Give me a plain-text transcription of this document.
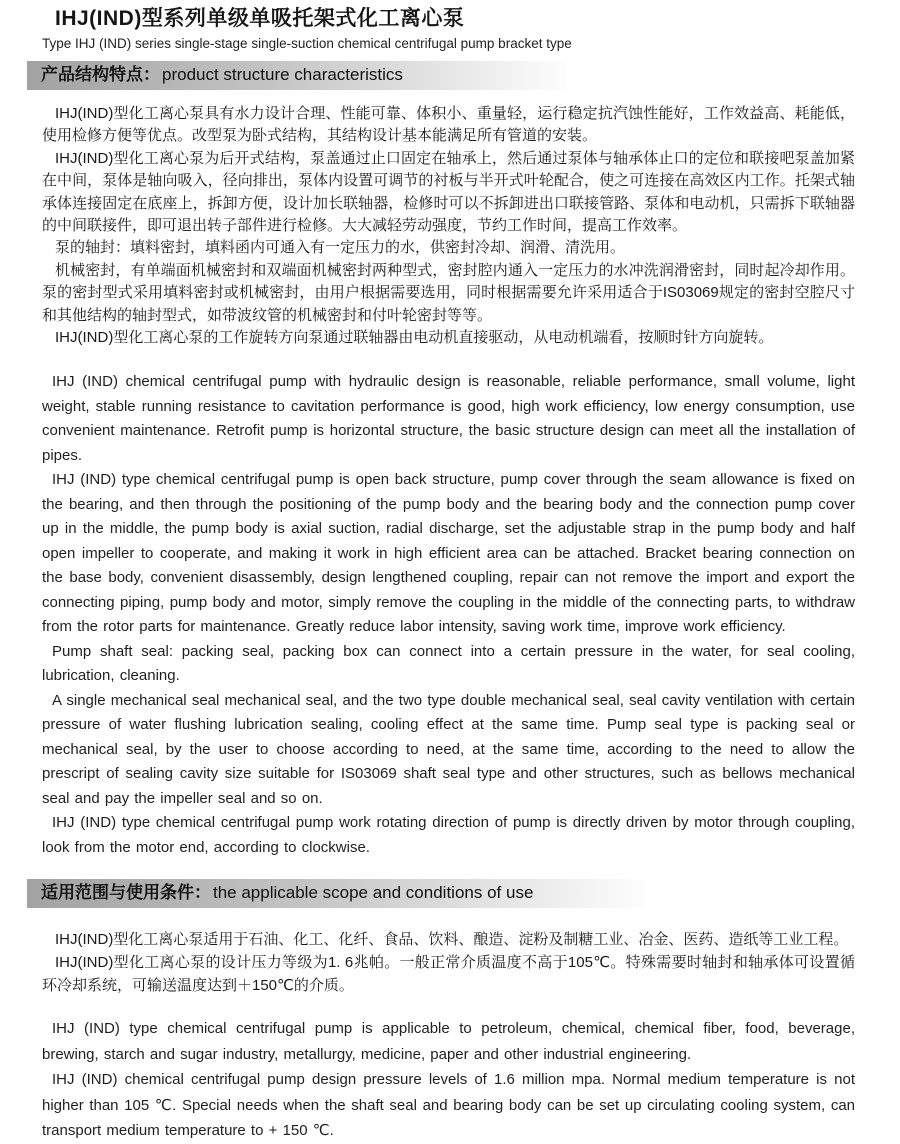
IHJ(IND)型系列单级单吸托架式化工离心泵

Type IHJ (IND) series single-stage single-suction chemical centrifugal pump bracket type

产品结构特点： product structure characteristics

IHJ(IND)型化工离心泵具有水力设计合理、性能可靠、体积小、重量轻，运行稳定抗汽蚀性能好，工作效益高、耗能低，使用检修方便等优点。改型泵为卧式结构，其结构设计基本能满足所有管道的安装。

IHJ(IND)型化工离心泵为后开式结构，泵盖通过止口固定在轴承上，然后通过泵体与轴承体止口的定位和联接吧泵盖加紧在中间，泵体是轴向吸入，径向排出，泵体内设置可调节的衬板与半开式叶轮配合，使之可连接在高效区内工作。托架式轴承体连接固定在底座上，拆卸方便，设计加长联轴器，检修时可以不拆卸进出口联接管路、泵体和电动机，只需拆下联轴器的中间联接件，即可退出转子部件进行检修。大大减轻劳动强度，节约工作时间，提高工作效率。

泵的轴封：填料密封，填料函内可通入有一定压力的水，供密封冷却、润滑、清洗用。

机械密封，有单端面机械密封和双端面机械密封两种型式，密封腔内通入一定压力的水冲洗润滑密封，同时起冷却作用。泵的密封型式采用填料密封或机械密封，由用户根据需要选用，同时根据需要允许采用适合于IS03069规定的密封空腔尺寸和其他结构的轴封型式，如带波纹管的机械密封和付叶轮密封等等。

IHJ(IND)型化工离心泵的工作旋转方向泵通过联轴器由电动机直接驱动，从电动机端看，按顺时针方向旋转。

IHJ (IND) chemical centrifugal pump with hydraulic design is reasonable, reliable performance, small volume, light weight, stable running resistance to cavitation performance is good, high work efficiency, low energy consumption, use convenient maintenance. Retrofit pump is horizontal structure, the basic structure design can meet all the installation of pipes.

IHJ (IND) type chemical centrifugal pump is open back structure, pump cover through the seam allowance is fixed on the bearing, and then through the positioning of the pump body and the bearing body and the connection pump cover up in the middle, the pump body is axial suction, radial discharge, set the adjustable strap in the pump body and half open impeller to cooperate, and making it work in high efficient area can be attached. Bracket bearing connection on the base body, convenient disassembly, design lengthened coupling, repair can not remove the import and export the connecting piping, pump body and motor, simply remove the coupling in the middle of the connecting parts, to withdraw from the rotor parts for maintenance. Greatly reduce labor intensity, saving work time, improve work efficiency.

Pump shaft seal: packing seal, packing box can connect into a certain pressure in the water, for seal cooling, lubrication, cleaning.

A single mechanical seal mechanical seal, and the two type double mechanical seal, seal cavity ventilation with certain pressure of water flushing lubrication sealing, cooling effect at the same time. Pump seal type is packing seal or mechanical seal, by the user to choose according to need, at the same time, according to the need to allow the prescript of sealing cavity size suitable for IS03069 shaft seal type and other structures, such as bellows mechanical seal and pay the impeller seal and so on.

IHJ (IND) type chemical centrifugal pump work rotating direction of pump is directly driven by motor through coupling, look from the motor end, according to clockwise.

适用范围与使用条件： the applicable scope and conditions of use

IHJ(IND)型化工离心泵适用于石油、化工、化纤、食品、饮料、酿造、淀粉及制糖工业、冶金、医药、造纸等工业工程。

IHJ(IND)型化工离心泵的设计压力等级为1. 6兆帕。一般正常介质温度不高于105℃。特殊需要时轴封和轴承体可设置循环冷却系统，可输送温度达到＋150℃的介质。

IHJ (IND) type chemical centrifugal pump is applicable to petroleum, chemical, chemical fiber, food, beverage, brewing, starch and sugar industry, metallurgy, medicine, paper and other industrial engineering.

IHJ (IND) chemical centrifugal pump design pressure levels of 1.6 million mpa. Normal medium temperature is not higher than 105 ℃. Special needs when the shaft seal and bearing body can be set up circulating cooling system, can transport medium temperature to + 150 ℃.
